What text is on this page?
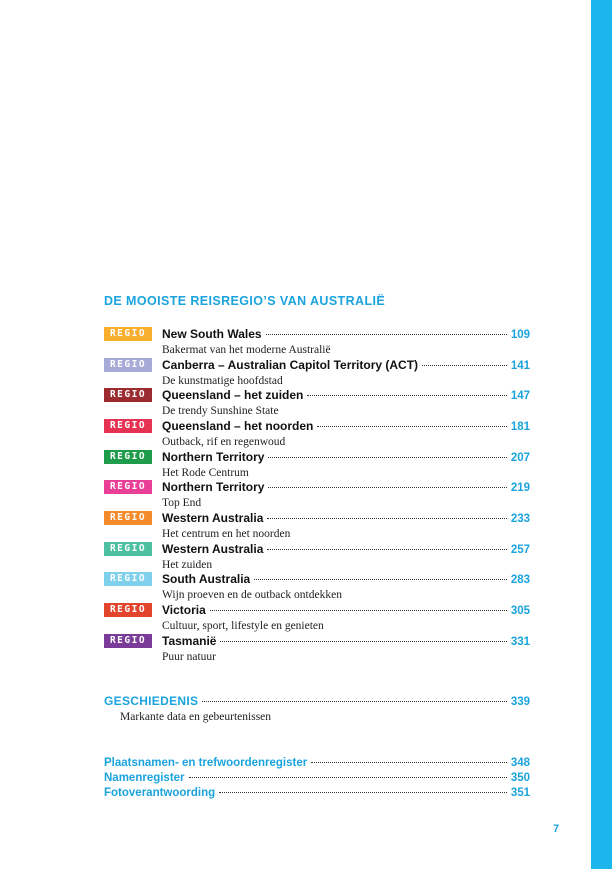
DE MOOISTE REISREGIO’S VAN AUSTRALIË
REGIO 1
New South Wales	109
Bakermat van het moderne Australië
REGIO 2
Canberra – Australian Capitol Territory (ACT)	141
De kunstmatige hoofdstad
REGIO 3
Queensland – het zuiden	147
De trendy Sunshine State
REGIO 4
Queensland – het noorden	181
Outback, rif en regenwoud
REGIO 5
Northern Territory	207
Het Rode Centrum
REGIO 6
Northern Territory	219
Top End
REGIO 7
Western Australia	233
Het centrum en het noorden
REGIO 8
Western Australia	257
Het zuiden
REGIO 9
South Australia	283
Wijn proeven en de outback ontdekken
REGIO 10
Victoria	305
Cultuur, sport, lifestyle en genieten
REGIO 11
Tasmanië	331
Puur natuur
GESCHIEDENIS	339
Markante data en gebeurtenissen
Plaatsnamen- en trefwoordenregister	348
Namenregister	350
Fotoverantwoording	351
7
